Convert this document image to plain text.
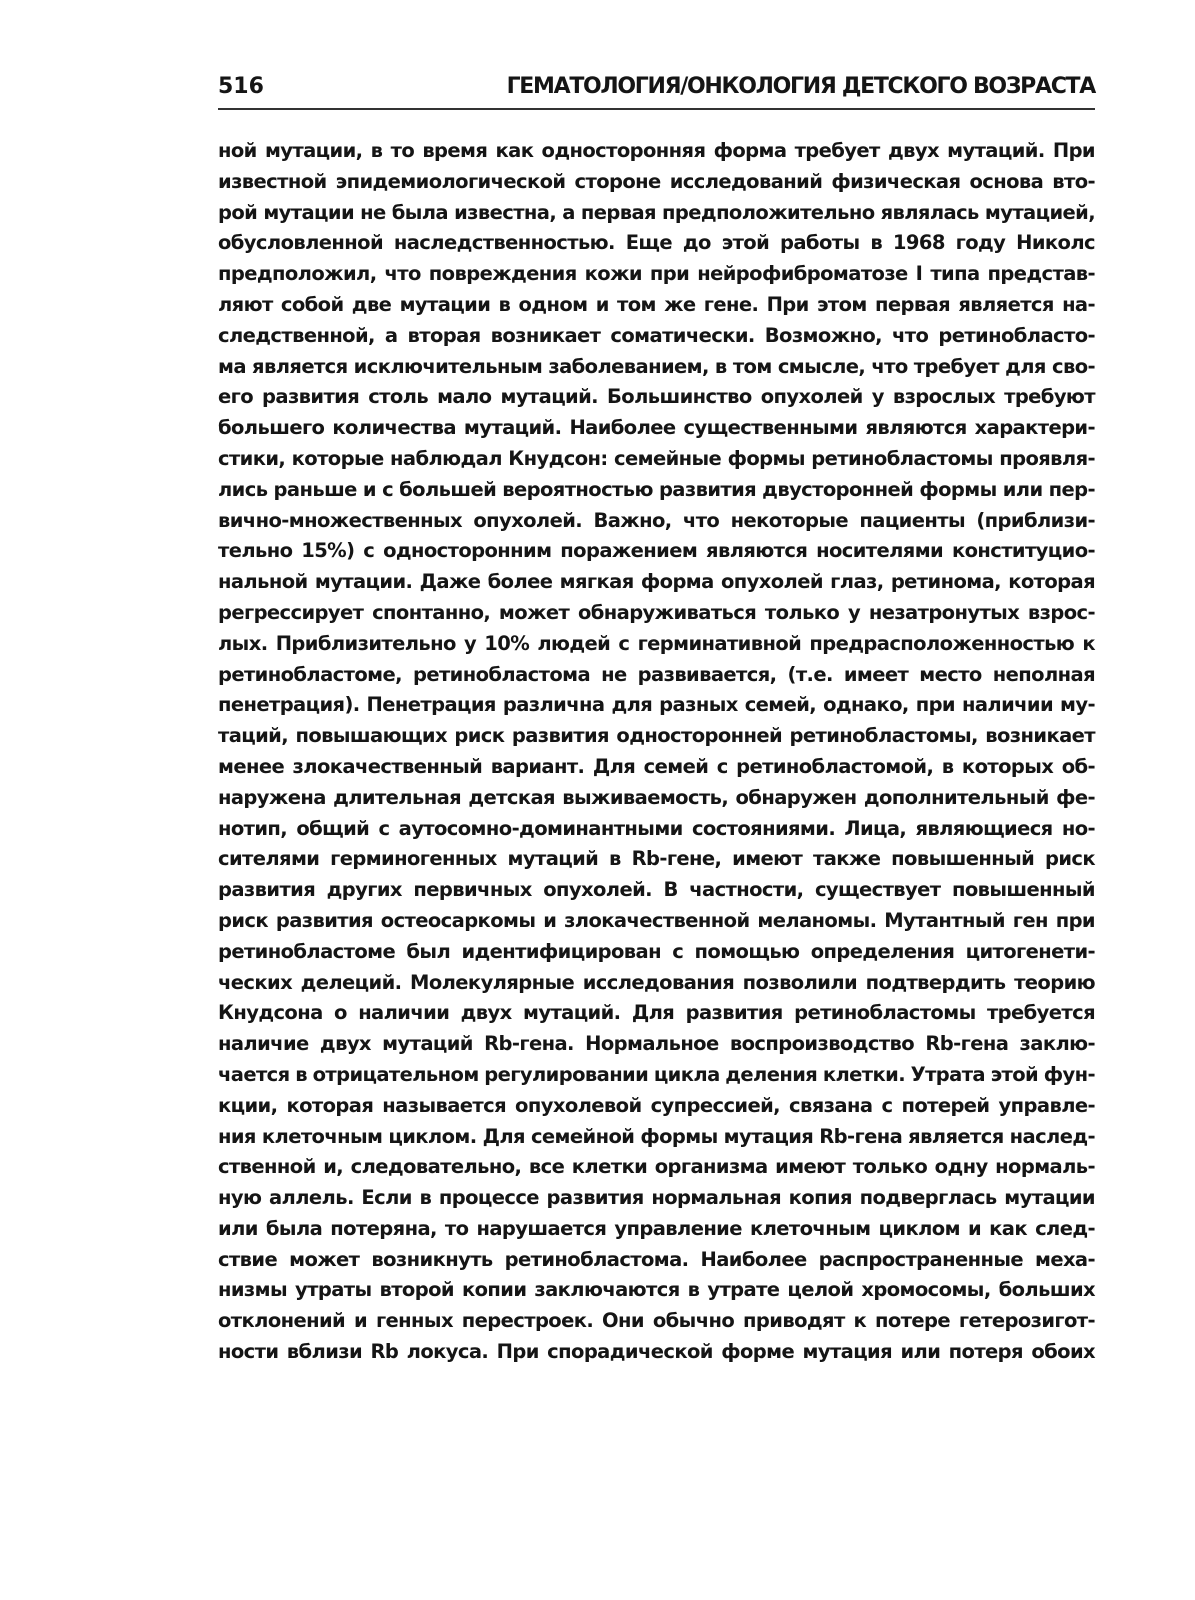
516	ГЕМАТОЛОГИЯ/ОНКОЛОГИЯ ДЕТСКОГО ВОЗРАСТА
ной мутации, в то время как односторонняя форма требует двух мутаций. При
известной эпидемиологической стороне исследований физическая основа вто-
рой мутации не была известна, а первая предположительно являлась мутацией,
обусловленной наследственностью. Еще до этой работы в 1968 году Николс
предположил, что повреждения кожи при нейрофиброматозе I типа представ-
ляют собой две мутации в одном и том же гене. При этом первая является на-
следственной, а вторая возникает соматически. Возможно, что ретинобласто-
ма является исключительным заболеванием, в том смысле, что требует для сво-
его развития столь мало мутаций. Большинство опухолей у взрослых требуют
большего количества мутаций. Наиболее существенными являются характери-
стики, которые наблюдал Кнудсон: семейные формы ретинобластомы проявля-
лись раньше и с большей вероятностью развития двусторонней формы или пер-
вично-множественных опухолей. Важно, что некоторые пациенты (приблизи-
тельно 15%) с односторонним поражением являются носителями конституцио-
нальной мутации. Даже более мягкая форма опухолей глаз, ретинома, которая
регрессирует спонтанно, может обнаруживаться только у незатронутых взрос-
лых. Приблизительно у 10% людей с герминативной предрасположенностью к
ретинобластоме, ретинобластома не развивается, (т.е. имеет место неполная
пенетрация). Пенетрация различна для разных семей, однако, при наличии му-
таций, повышающих риск развития односторонней ретинобластомы, возникает
менее злокачественный вариант. Для семей с ретинобластомой, в которых об-
наружена длительная детская выживаемость, обнаружен дополнительный фе-
нотип, общий с аутосомно-доминантными состояниями. Лица, являющиеся но-
сителями герминогенных мутаций в Rb-гене, имеют также повышенный риск
развития других первичных опухолей. В частности, существует повышенный
риск развития остеосаркомы и злокачественной меланомы. Мутантный ген при
ретинобластоме был идентифицирован с помощью определения цитогенети-
ческих делеций. Молекулярные исследования позволили подтвердить теорию
Кнудсона о наличии двух мутаций. Для развития ретинобластомы требуется
наличие двух мутаций Rb-гена. Нормальное воспроизводство Rb-гена заклю-
чается в отрицательном регулировании цикла деления клетки. Утрата этой фун-
кции, которая называется опухолевой супрессией, связана с потерей управле-
ния клеточным циклом. Для семейной формы мутация Rb-гена является наслед-
ственной и, следовательно, все клетки организма имеют только одну нормаль-
ную аллель. Если в процессе развития нормальная копия подверглась мутации
или была потеряна, то нарушается управление клеточным циклом и как след-
ствие может возникнуть ретинобластома. Наиболее распространенные меха-
низмы утраты второй копии заключаются в утрате целой хромосомы, больших
отклонений и генных перестроек. Они обычно приводят к потере гетерозигот-
ности вблизи Rb локуса. При спорадической форме мутация или потеря обоих
